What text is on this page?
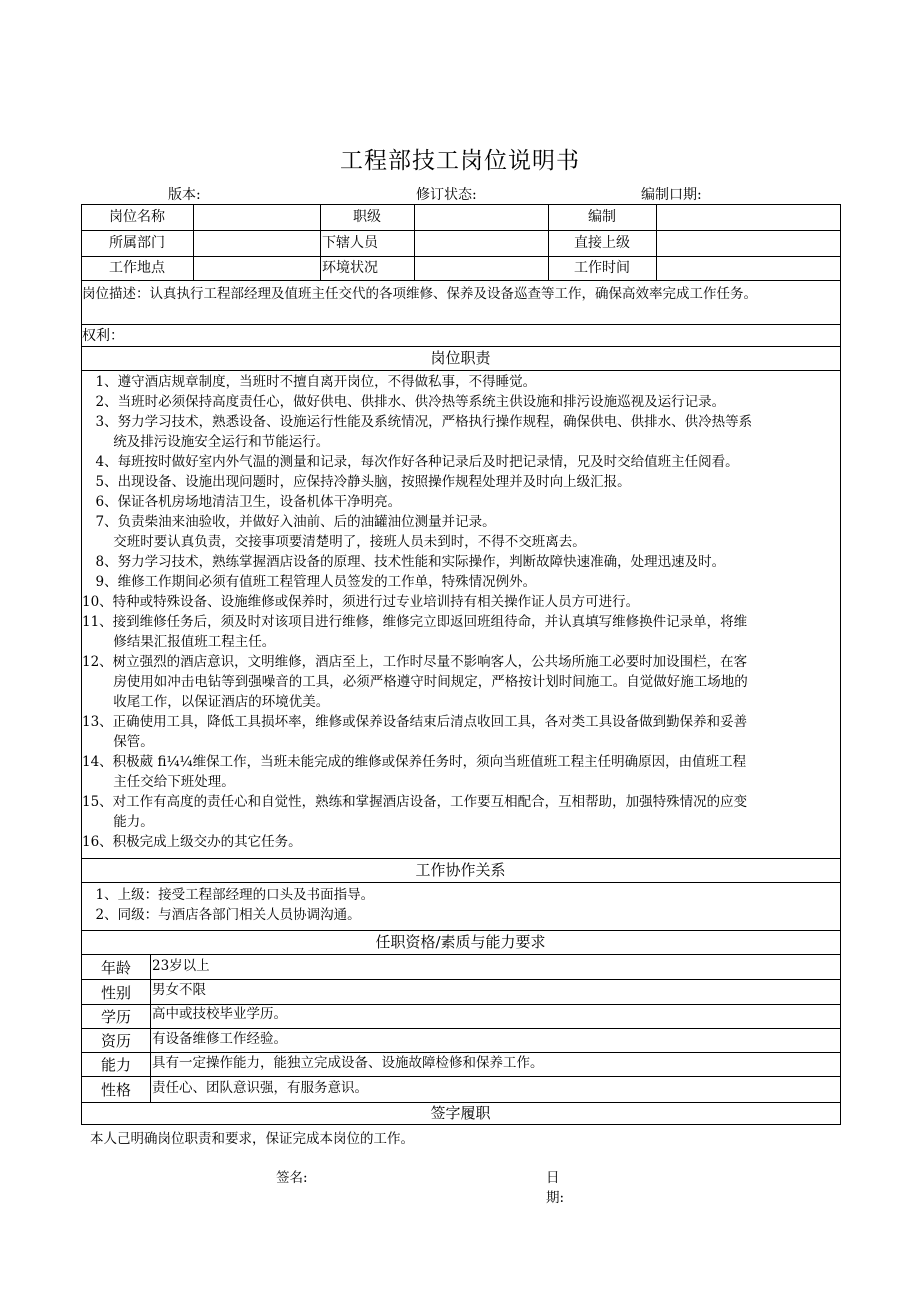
工程部技工岗位说明书
版本:	修订状态:	编制口期:
岗位名称	职级	编制
所属部门	下辖人员	直接上级
工作地点	环境状况	工作时间
岗位描述：认真执行工程部经理及值班主任交代的各项维修、保养及设备巡查等工作，确保高效率完成工作任务。
权利：
岗位职责
　1、遵守酒店规章制度，当班时不擅自离开岗位，不得做私事，不得睡觉。
　2、当班时必须保持高度责任心，做好供电、供排水、供冷热等系统主供设施和排污设施巡视及运行记录。
　3、努力学习技术，熟悉设备、设施运行性能及系统情况，严格执行操作规程，确保供电、供排水、供冷热等系
　　 统及排污设施安全运行和节能运行。
　4、每班按时做好室内外气温的测量和记录，每次作好各种记录后及时把记录情，兄及时交给值班主任阅看。
　5、出现设备、设施出现问题时，应保持冷静头脑，按照操作规程处理并及时向上级汇报。
　6、保证各机房场地清洁卫生，设备机体干净明亮。
　7、负责柴油来油验收，并做好入油前、后的油罐油位测量并记录。
　　 交班时要认真负责，交接事项要清楚明了，接班人员未到时，不得不交班离去。
　8、努力学习技术，熟练掌握酒店设备的原理、技术性能和实际操作，判断故障快速准确，处理迅速及时。
　9、维修工作期间必须有值班工程管理人员签发的工作单，特殊情况例外。
10、特种或特殊设备、设施维修或保养时，须进行过专业培训持有相关操作证人员方可进行。
11、接到维修任务后，须及时对该项目进行维修，维修完立即返回班组待命，并认真填写维修换件记录单，将维
　　 修结果汇报值班工程主任。
12、树立强烈的酒店意识，文明维修，酒店至上，工作时尽量不影响客人，公共场所施工必要时加设围栏，在客
　　 房使用如冲击电钻等到强噪音的工具，必须严格遵守时间规定，严格按计划时间施工。自觉做好施工场地的
　　 收尾工作，以保证酒店的环境优美。
13、正确使用工具，降低工具损坏率，维修或保养设备结束后清点收回工具，各对类工具设备做到勤保养和妥善
　　 保管。
14、积极葳 fi¼¼维保工作，当班未能完成的维修或保养任务时，须向当班值班工程主任明确原因，由值班工程
　　 主任交给下班处理。
15、对工作有高度的责任心和自觉性，熟练和掌握酒店设备，工作要互相配合，互相帮助，加强特殊情况的应变
　　 能力。
16、积极完成上级交办的其它任务。
工作协作关系
　1、上级：接受工程部经理的口头及书面指导。
　2、同级：与酒店各部门相关人员协调沟通。
任职资格/素质与能力要求
年龄	23岁以上
性别	男女不限
学历	高中或技校毕业学历。
资历	有设备维修工作经验。
能力	具有一定操作能力，能独立完成设备、设施故障检修和保养工作。
性格	责任心、团队意识强，有服务意识。
签字履职
本人己明确岗位职责和要求，保证完成本岗位的工作。
签名:	日
期:
